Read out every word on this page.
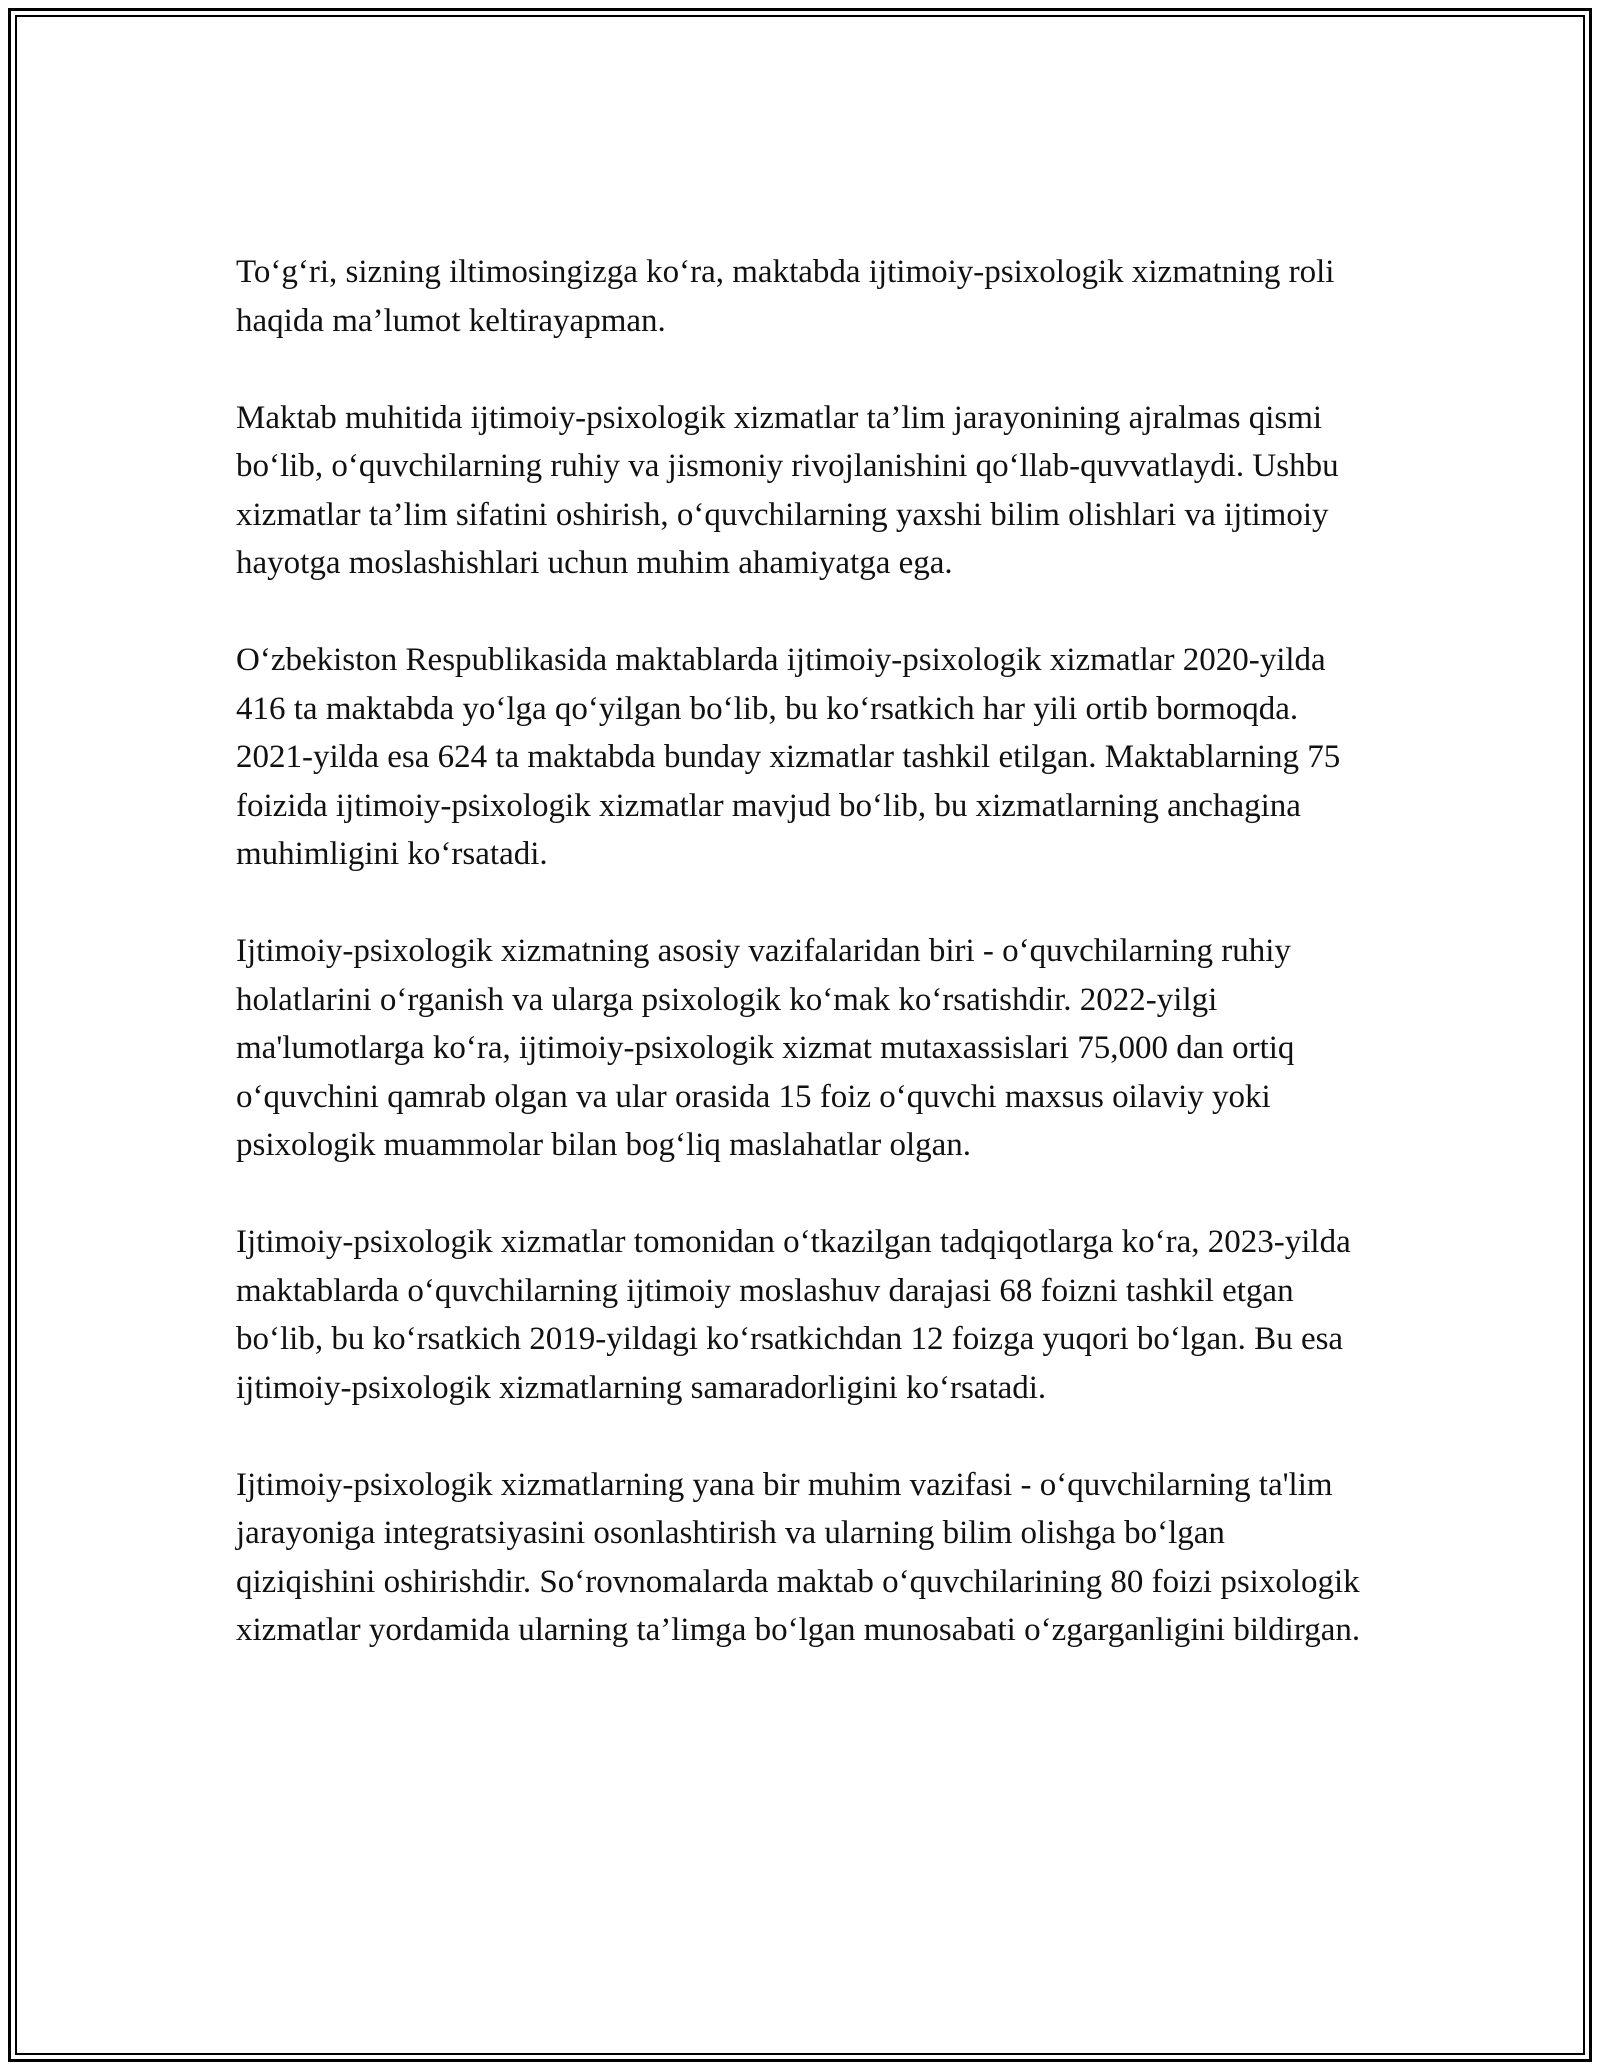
To‘g‘ri, sizning iltimosingizga ko‘ra, maktabda ijtimoiy-psixologik xizmatning roli haqida ma’lumot keltirayapman.

Maktab muhitida ijtimoiy-psixologik xizmatlar ta’lim jarayonining ajralmas qismi bo‘lib, o‘quvchilarning ruhiy va jismoniy rivojlanishini qo‘llab-quvvatlaydi. Ushbu xizmatlar ta’lim sifatini oshirish, o‘quvchilarning yaxshi bilim olishlari va ijtimoiy hayotga moslashishlari uchun muhim ahamiyatga ega.

O‘zbekiston Respublikasida maktablarda ijtimoiy-psixologik xizmatlar 2020-yilda 416 ta maktabda yo‘lga qo‘yilgan bo‘lib, bu ko‘rsatkich har yili ortib bormoqda. 2021-yilda esa 624 ta maktabda bunday xizmatlar tashkil etilgan. Maktablarning 75 foizida ijtimoiy-psixologik xizmatlar mavjud bo‘lib, bu xizmatlarning anchagina muhimligini ko‘rsatadi.

Ijtimoiy-psixologik xizmatning asosiy vazifalaridan biri - o‘quvchilarning ruhiy holatlarini o‘rganish va ularga psixologik ko‘mak ko‘rsatishdir. 2022-yilgi ma'lumotlarga ko‘ra, ijtimoiy-psixologik xizmat mutaxassislari 75,000 dan ortiq o‘quvchini qamrab olgan va ular orasida 15 foiz o‘quvchi maxsus oilaviy yoki psixologik muammolar bilan bog‘liq maslahatlar olgan.

Ijtimoiy-psixologik xizmatlar tomonidan o‘tkazilgan tadqiqotlarga ko‘ra, 2023-yilda maktablarda o‘quvchilarning ijtimoiy moslashuv darajasi 68 foizni tashkil etgan bo‘lib, bu ko‘rsatkich 2019-yildagi ko‘rsatkichdan 12 foizga yuqori bo‘lgan. Bu esa ijtimoiy-psixologik xizmatlarning samaradorligini ko‘rsatadi.

Ijtimoiy-psixologik xizmatlarning yana bir muhim vazifasi - o‘quvchilarning ta'lim jarayoniga integratsiyasini osonlashtirish va ularning bilim olishga bo‘lgan qiziqishini oshirishdir. So‘rovnomalarda maktab o‘quvchilarining 80 foizi psixologik xizmatlar yordamida ularning ta’limga bo‘lgan munosabati o‘zgarganligini bildirgan.
